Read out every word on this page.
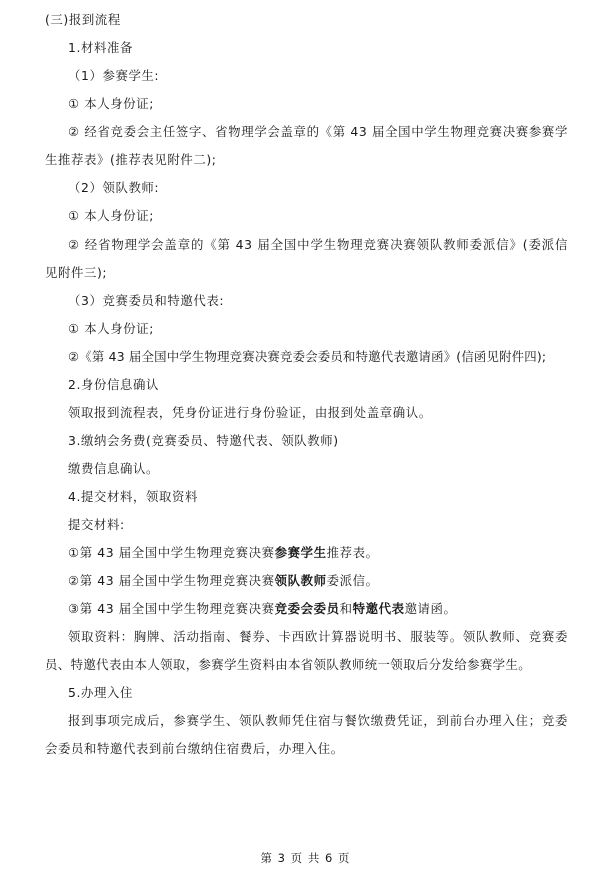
(三)报到流程
1.材料准备
（1）参赛学生:
① 本人身份证;
② 经省竞委会主任签字、省物理学会盖章的《第 43 届全国中学生物理竞赛决赛参赛学
生推荐表》(推荐表见附件二);
（2）领队教师:
① 本人身份证;
② 经省物理学会盖章的《第 43 届全国中学生物理竞赛决赛领队教师委派信》(委派信
见附件三);
（3）竞赛委员和特邀代表:
① 本人身份证;
②《第 43 届全国中学生物理竞赛决赛竞委会委员和特邀代表邀请函》(信函见附件四);
2.身份信息确认
领取报到流程表，凭身份证进行身份验证，由报到处盖章确认。
3.缴纳会务费(竞赛委员、特邀代表、领队教师)
缴费信息确认。
4.提交材料，领取资料
提交材料:
①第 43 届全国中学生物理竞赛决赛参赛学生推荐表。
②第 43 届全国中学生物理竞赛决赛领队教师委派信。
③第 43 届全国中学生物理竞赛决赛竞委会委员和特邀代表邀请函。
领取资料：胸牌、活动指南、餐券、卡西欧计算器说明书、服装等。领队教师、竞赛委
员、特邀代表由本人领取，参赛学生资料由本省领队教师统一领取后分发给参赛学生。
5.办理入住
报到事项完成后，参赛学生、领队教师凭住宿与餐饮缴费凭证，到前台办理入住；竞委
会委员和特邀代表到前台缴纳住宿费后，办理入住。
第 3 页 共 6 页
